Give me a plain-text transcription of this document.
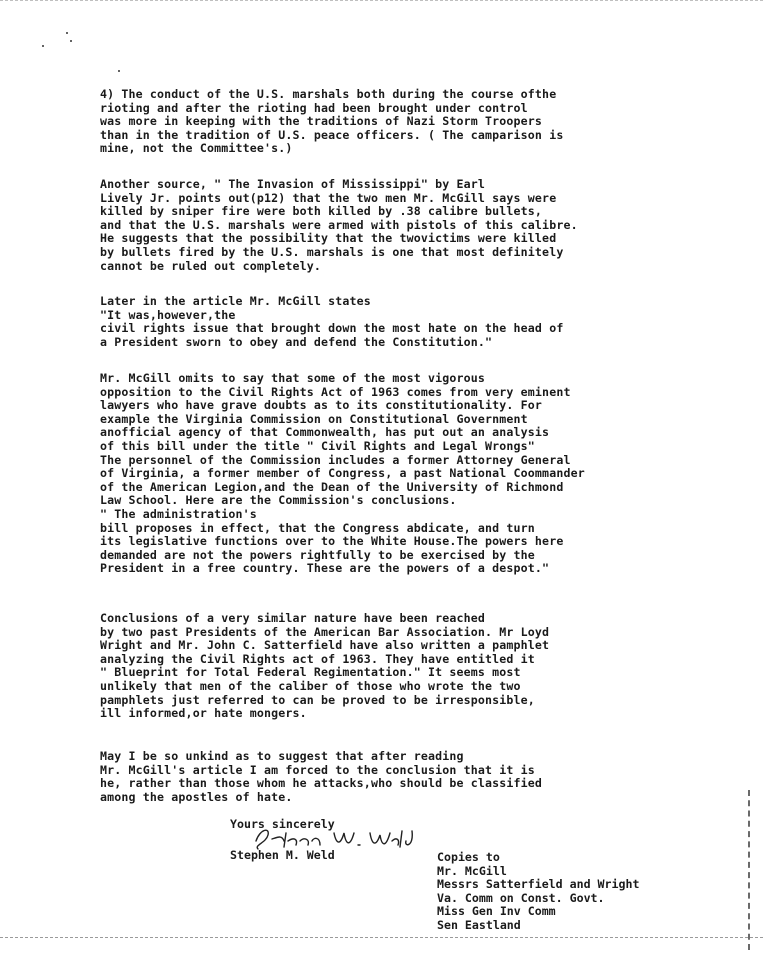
4) The conduct of the U.S. marshals both during the course ofthe
rioting and after the rioting had been brought under control
was more in keeping with the traditions of Nazi Storm Troopers
than in the tradition of U.S. peace officers. ( The camparison is
mine, not the Committee's.)
Another source, " The Invasion of Mississippi" by Earl
Lively Jr. points out(p12) that the two men Mr. McGill says were
killed by sniper fire were both killed by .38 calibre bullets,
and that the U.S. marshals were armed with pistols of this calibre.
He suggests that the possibility that the twovictims were killed
by bullets fired by the U.S. marshals is one that most definitely
cannot be ruled out completely.
Later in the article Mr. McGill states
"It was,however,the
civil rights issue that brought down the most hate on the head of
a President sworn to obey and defend the Constitution."
Mr. McGill omits to say that some of the most vigorous
opposition to the Civil Rights Act of 1963 comes from very eminent
lawyers who have grave doubts as to its constitutionality. For
example the Virginia Commission on Constitutional Government
anofficial agency of that Commonwealth, has put out an analysis
of this bill under the title " Civil Rights and Legal Wrongs"
The personnel of the Commission includes a former Attorney General
of Virginia, a former member of Congress, a past National Coommander
of the American Legion,and the Dean of the University of Richmond
Law School. Here are the Commission's conclusions.
" The administration's
bill proposes in effect, that the Congress abdicate, and turn
its legislative functions over to the White House.The powers here
demanded are not the powers rightfully to be exercised by the
President in a free country. These are the powers of a despot."
Conclusions of a very similar nature have been reached
by two past Presidents of the American Bar Association. Mr Loyd
Wright and Mr. John C. Satterfield have also written a pamphlet
analyzing the Civil Rights act of 1963. They have entitled it
" Blueprint for Total Federal Regimentation." It seems most
unlikely that men of the caliber of those who wrote the two
pamphlets just referred to can be proved to be irresponsible,
ill informed,or hate mongers.
May I be so unkind as to suggest that after reading
Mr. McGill's article I am forced to the conclusion that it is
he, rather than those whom he attacks,who should be classified
among the apostles of hate.
Yours sincerely
Stephen M. Weld	Copies to
Mr. McGill
Messrs Satterfield and Wright
Va. Comm on Const. Govt.
Miss Gen Inv Comm
Sen Eastland
